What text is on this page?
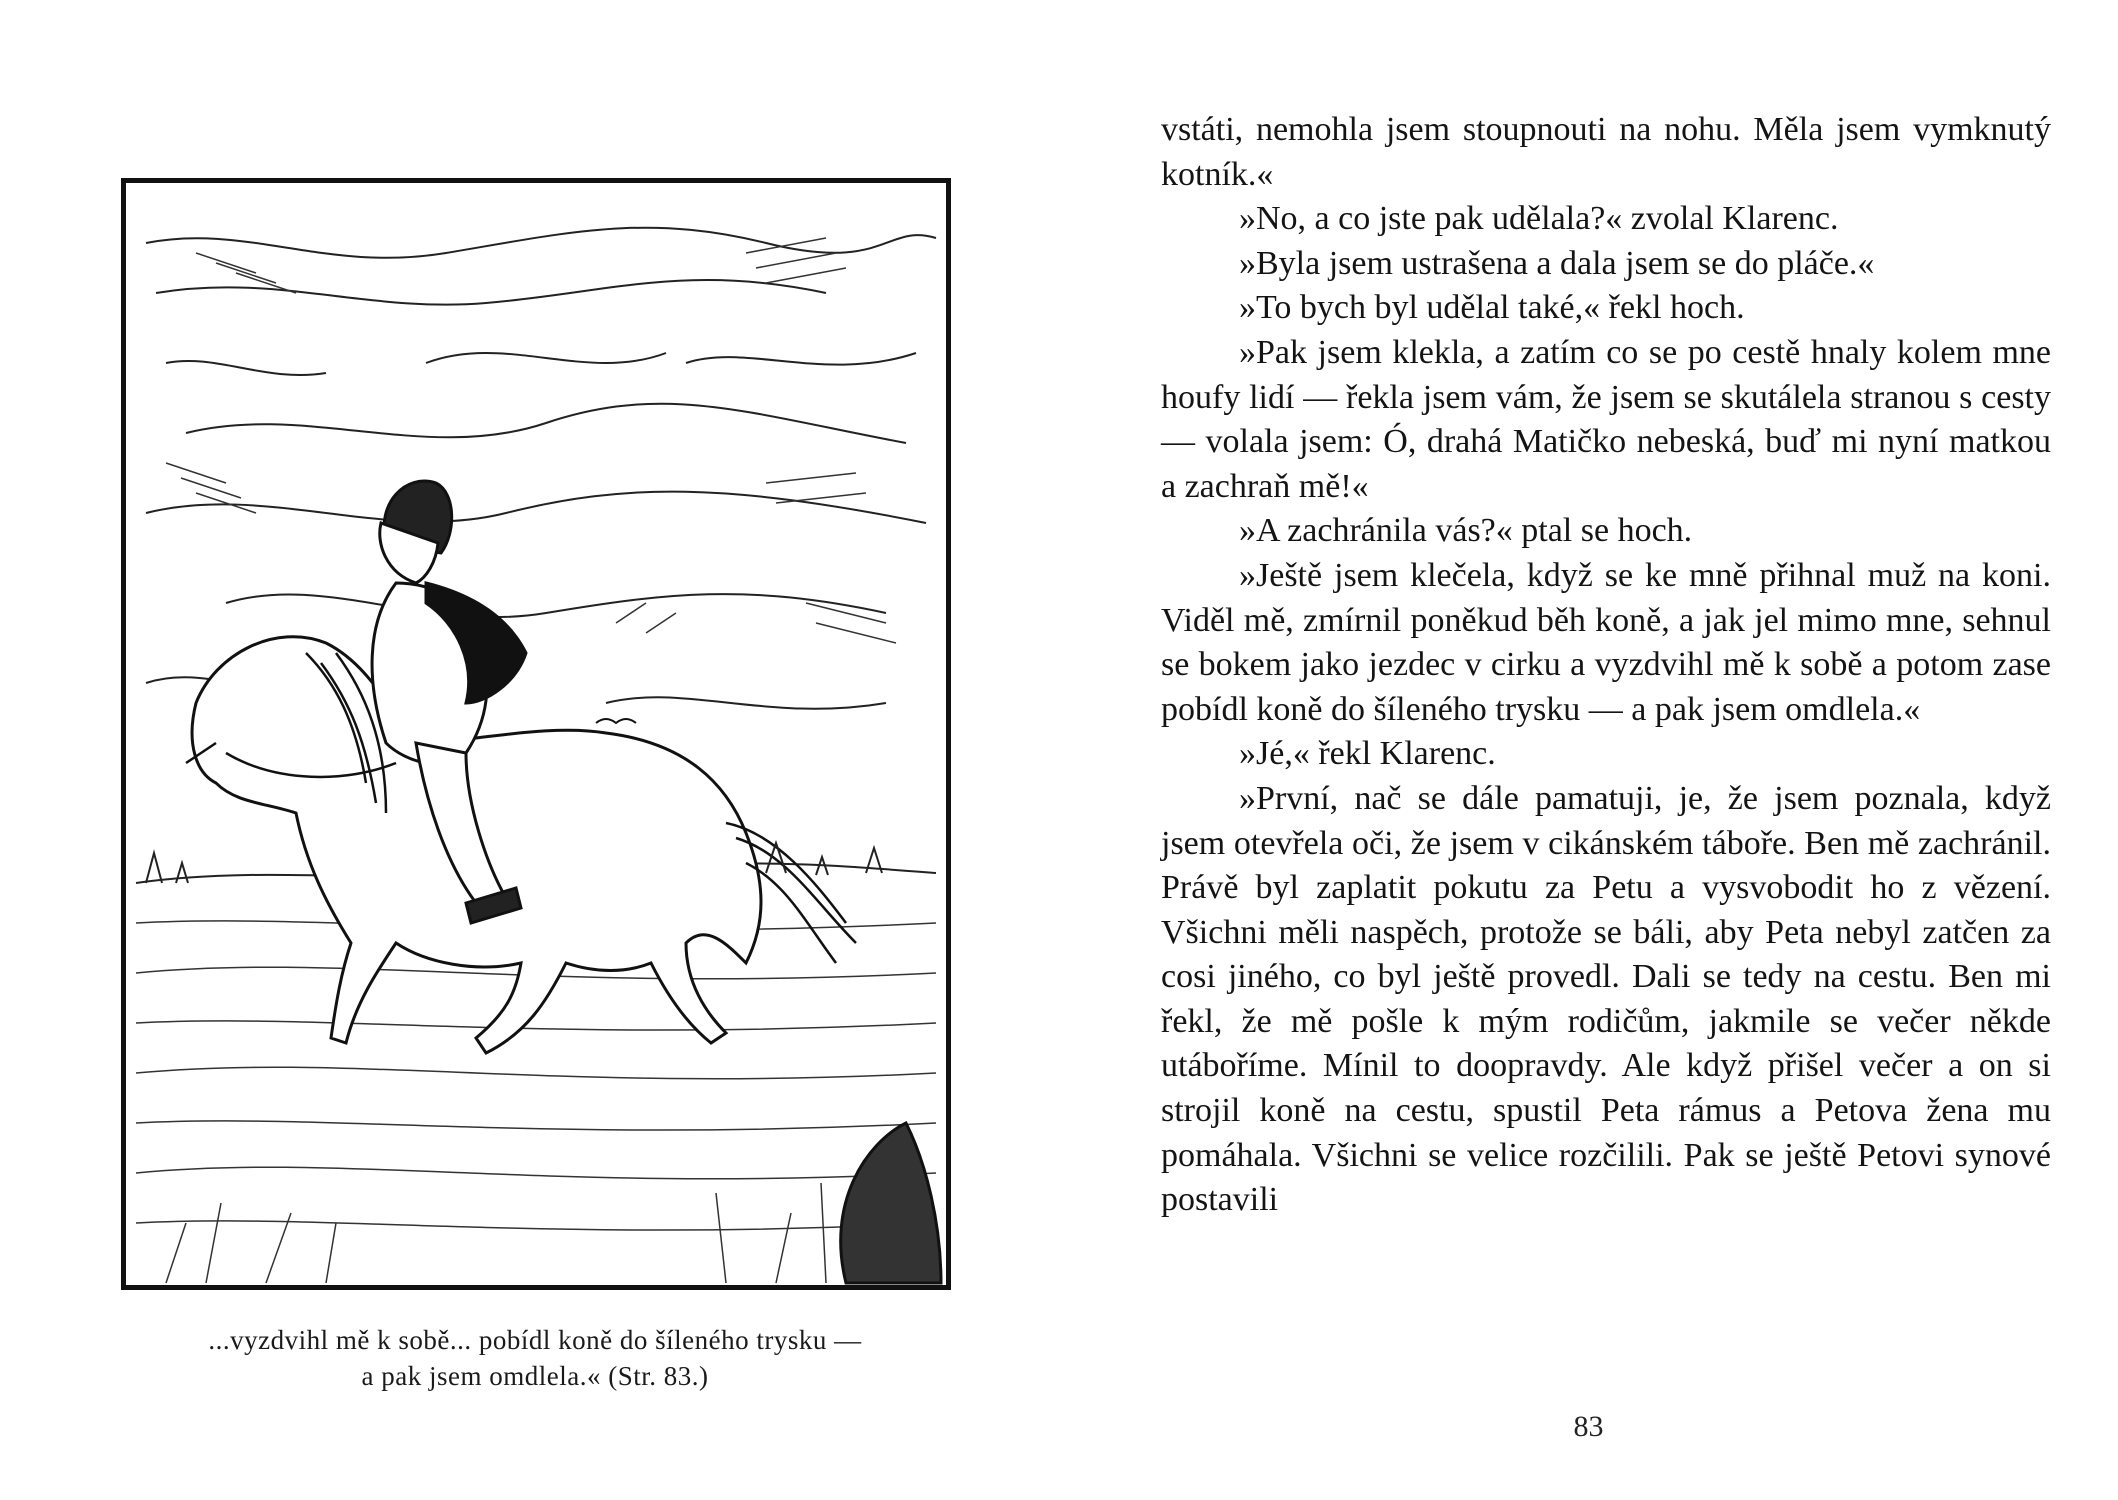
...vyzdvihl mě k sobě... pobídl koně do šíleného trysku —
a pak jsem omdlela.« (Str. 83.)

vstáti, nemohla jsem stoupnouti na nohu. Měla jsem vymknutý kotník.«

»No, a co jste pak udělala?« zvolal Klarenc.

»Byla jsem ustrašena a dala jsem se do pláče.«

»To bych byl udělal také,« řekl hoch.

»Pak jsem klekla, a zatím co se po cestě hnaly kolem mne houfy lidí — řekla jsem vám, že jsem se skutálela stranou s cesty — volala jsem: Ó, drahá Matičko nebeská, buď mi nyní matkou a zachraň mě!«

»A zachránila vás?« ptal se hoch.

»Ještě jsem klečela, když se ke mně přihnal muž na koni. Viděl mě, zmírnil poněkud běh koně, a jak jel mimo mne, sehnul se bokem jako jezdec v cirku a vyzdvihl mě k sobě a potom zase pobídl koně do šíleného trysku — a pak jsem omdlela.«

»Jé,« řekl Klarenc.

»První, nač se dále pamatuji, je, že jsem poznala, když jsem otevřela oči, že jsem v cikánském táboře. Ben mě zachránil. Právě byl zaplatit pokutu za Petu a vysvobodit ho z vězení. Všichni měli naspěch, protože se báli, aby Peta nebyl zatčen za cosi jiného, co byl ještě provedl. Dali se tedy na cestu. Ben mi řekl, že mě pošle k mým rodičům, jakmile se večer někde utáboříme. Mínil to doopravdy. Ale když přišel večer a on si strojil koně na cestu, spustil Peta rámus a Petova žena mu pomáhala. Všichni se velice rozčilili. Pak se ještě Petovi synové postavili

83
